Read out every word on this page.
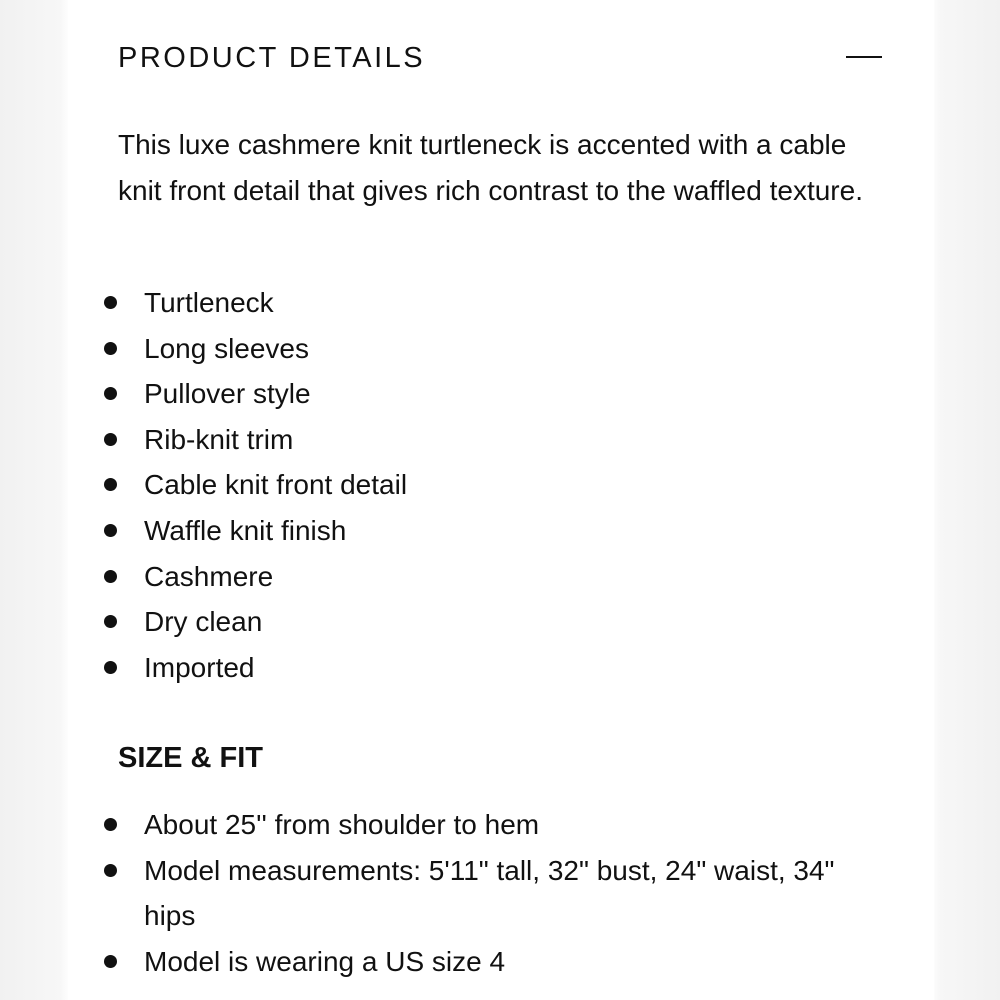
PRODUCT DETAILS

This luxe cashmere knit turtleneck is accented with a cable knit front detail that gives rich contrast to the waffled texture.

Turtleneck
Long sleeves
Pullover style
Rib-knit trim
Cable knit front detail
Waffle knit finish
Cashmere
Dry clean
Imported
SIZE & FIT
About 25'' from shoulder to hem
Model measurements: 5'11" tall, 32" bust, 24" waist, 34" hips
Model is wearing a US size 4
